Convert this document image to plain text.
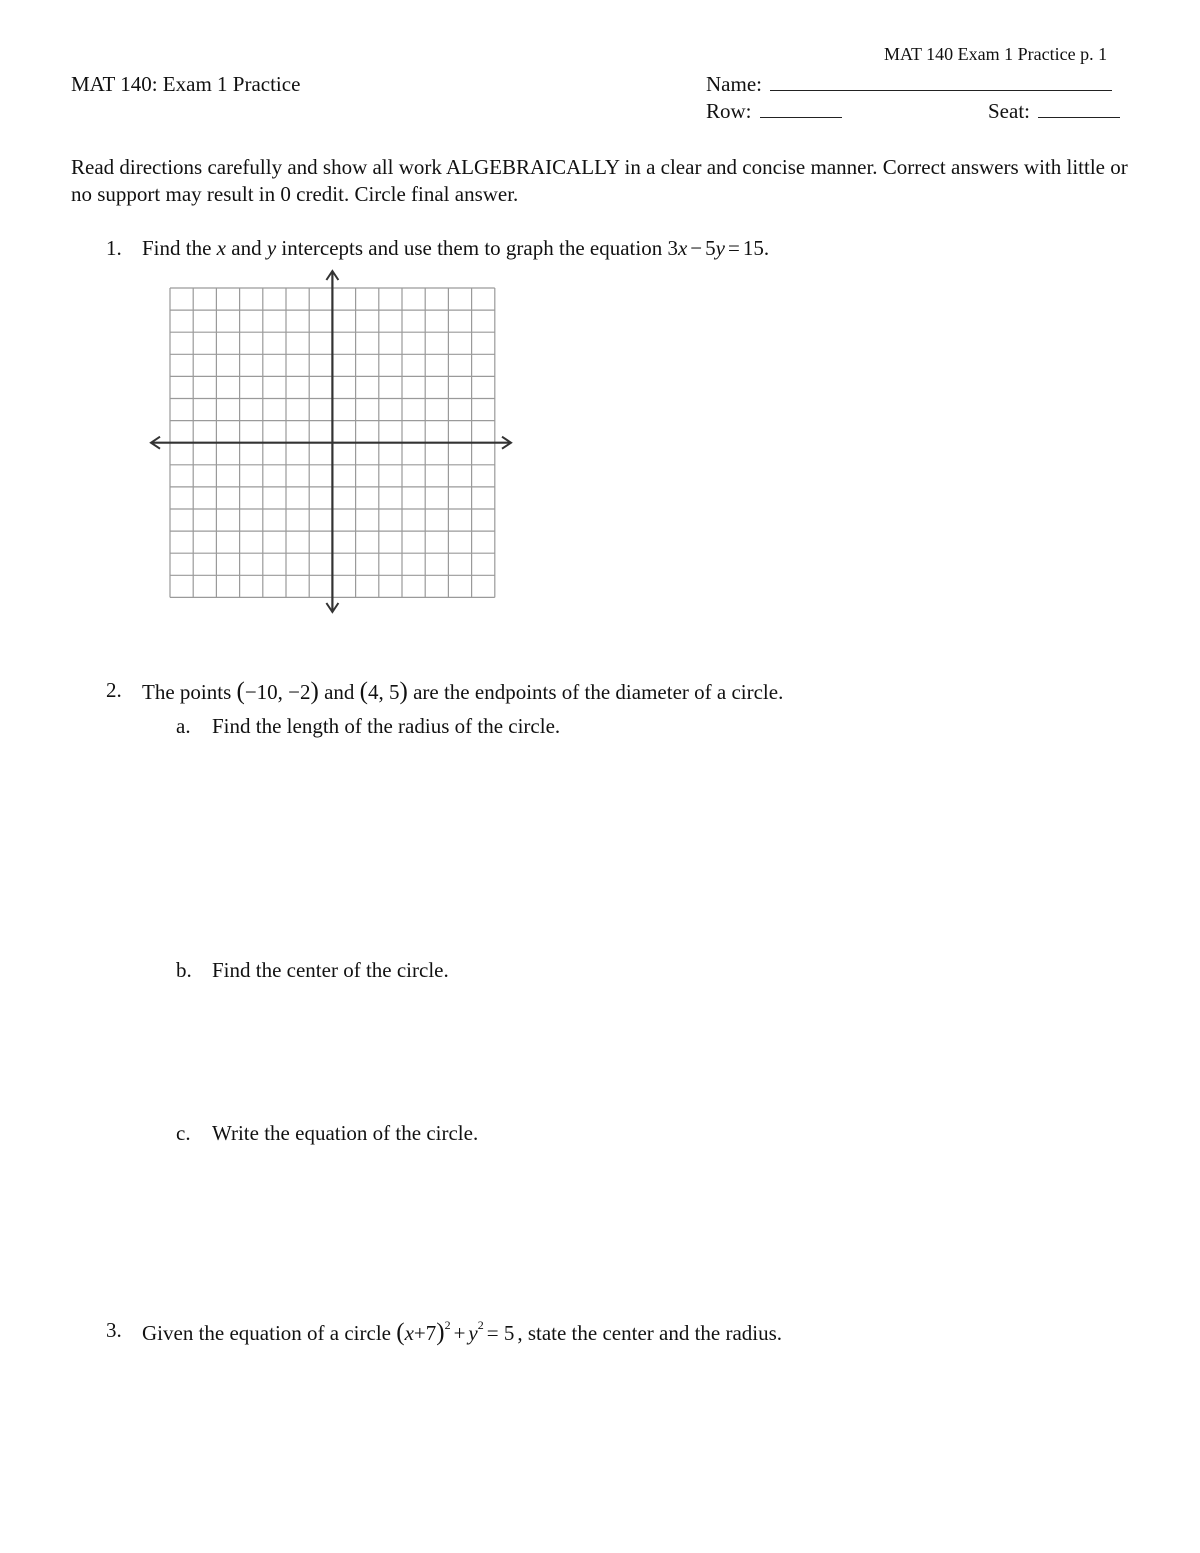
MAT 140 Exam 1 Practice p. 1
MAT 140: Exam 1 Practice	Name:
Row:	Seat:
Read directions carefully and show all work ALGEBRAICALLY in a clear and concise manner. Correct answers with little or no support may result in 0 credit. Circle final answer.
1. Find the x and y intercepts and use them to graph the equation 3x − 5y = 15.
2. The points (−10, −2) and (4, 5) are the endpoints of the diameter of a circle.
a. Find the length of the radius of the circle.
b. Find the center of the circle.
c. Write the equation of the circle.
3. Given the equation of a circle $(x+7)^2 + y^2 = 5$ , state the center and the radius.
